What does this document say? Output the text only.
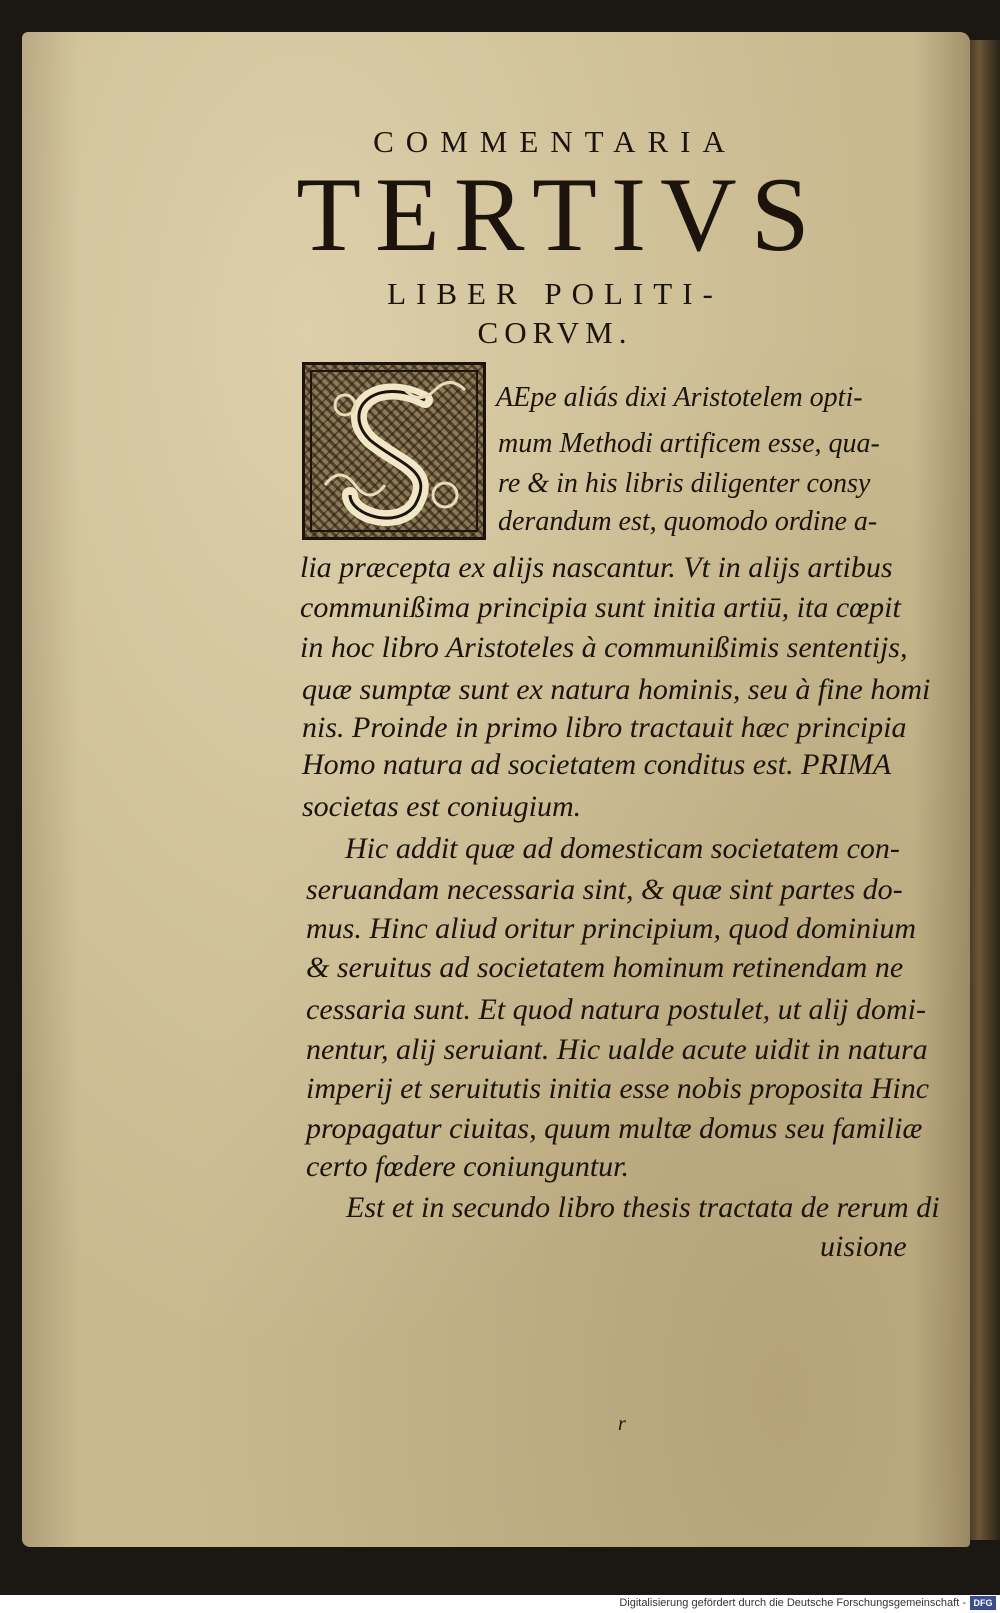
COMMENTARIA
TERTIVS
LIBER POLITI-
CORVM.
AEpe aliás dixi Aristotelem opti-
mum Methodi artificem esse, qua-
re & in his libris diligenter consy
derandum est, quomodo ordine a-
lia præcepta ex alijs nascantur. Vt in alijs artibus
communißima principia sunt initia artiū, ita cœpit
in hoc libro Aristoteles à communißimis sententijs,
quæ sumptæ sunt ex natura hominis, seu à fine homi
nis. Proinde in primo libro tractauit hæc principia
Homo natura ad societatem conditus est. PRIMA
societas est coniugium.
Hic addit quæ ad domesticam societatem con-
seruandam necessaria sint, & quæ sint partes do-
mus. Hinc aliud oritur principium, quod dominium
& seruitus ad societatem hominum retinendam ne
cessaria sunt. Et quod natura postulet, ut alij domi-
nentur, alij seruiant. Hic ualde acute uidit in natura
imperij et seruitutis initia esse nobis proposita Hinc
propagatur ciuitas, quum multæ domus seu familiæ
certo fœdere coniunguntur.
Est et in secundo libro thesis tractata de rerum di
uisione
r
Digitalisierung gefördert durch die Deutsche Forschungsgemeinschaft - DFG
